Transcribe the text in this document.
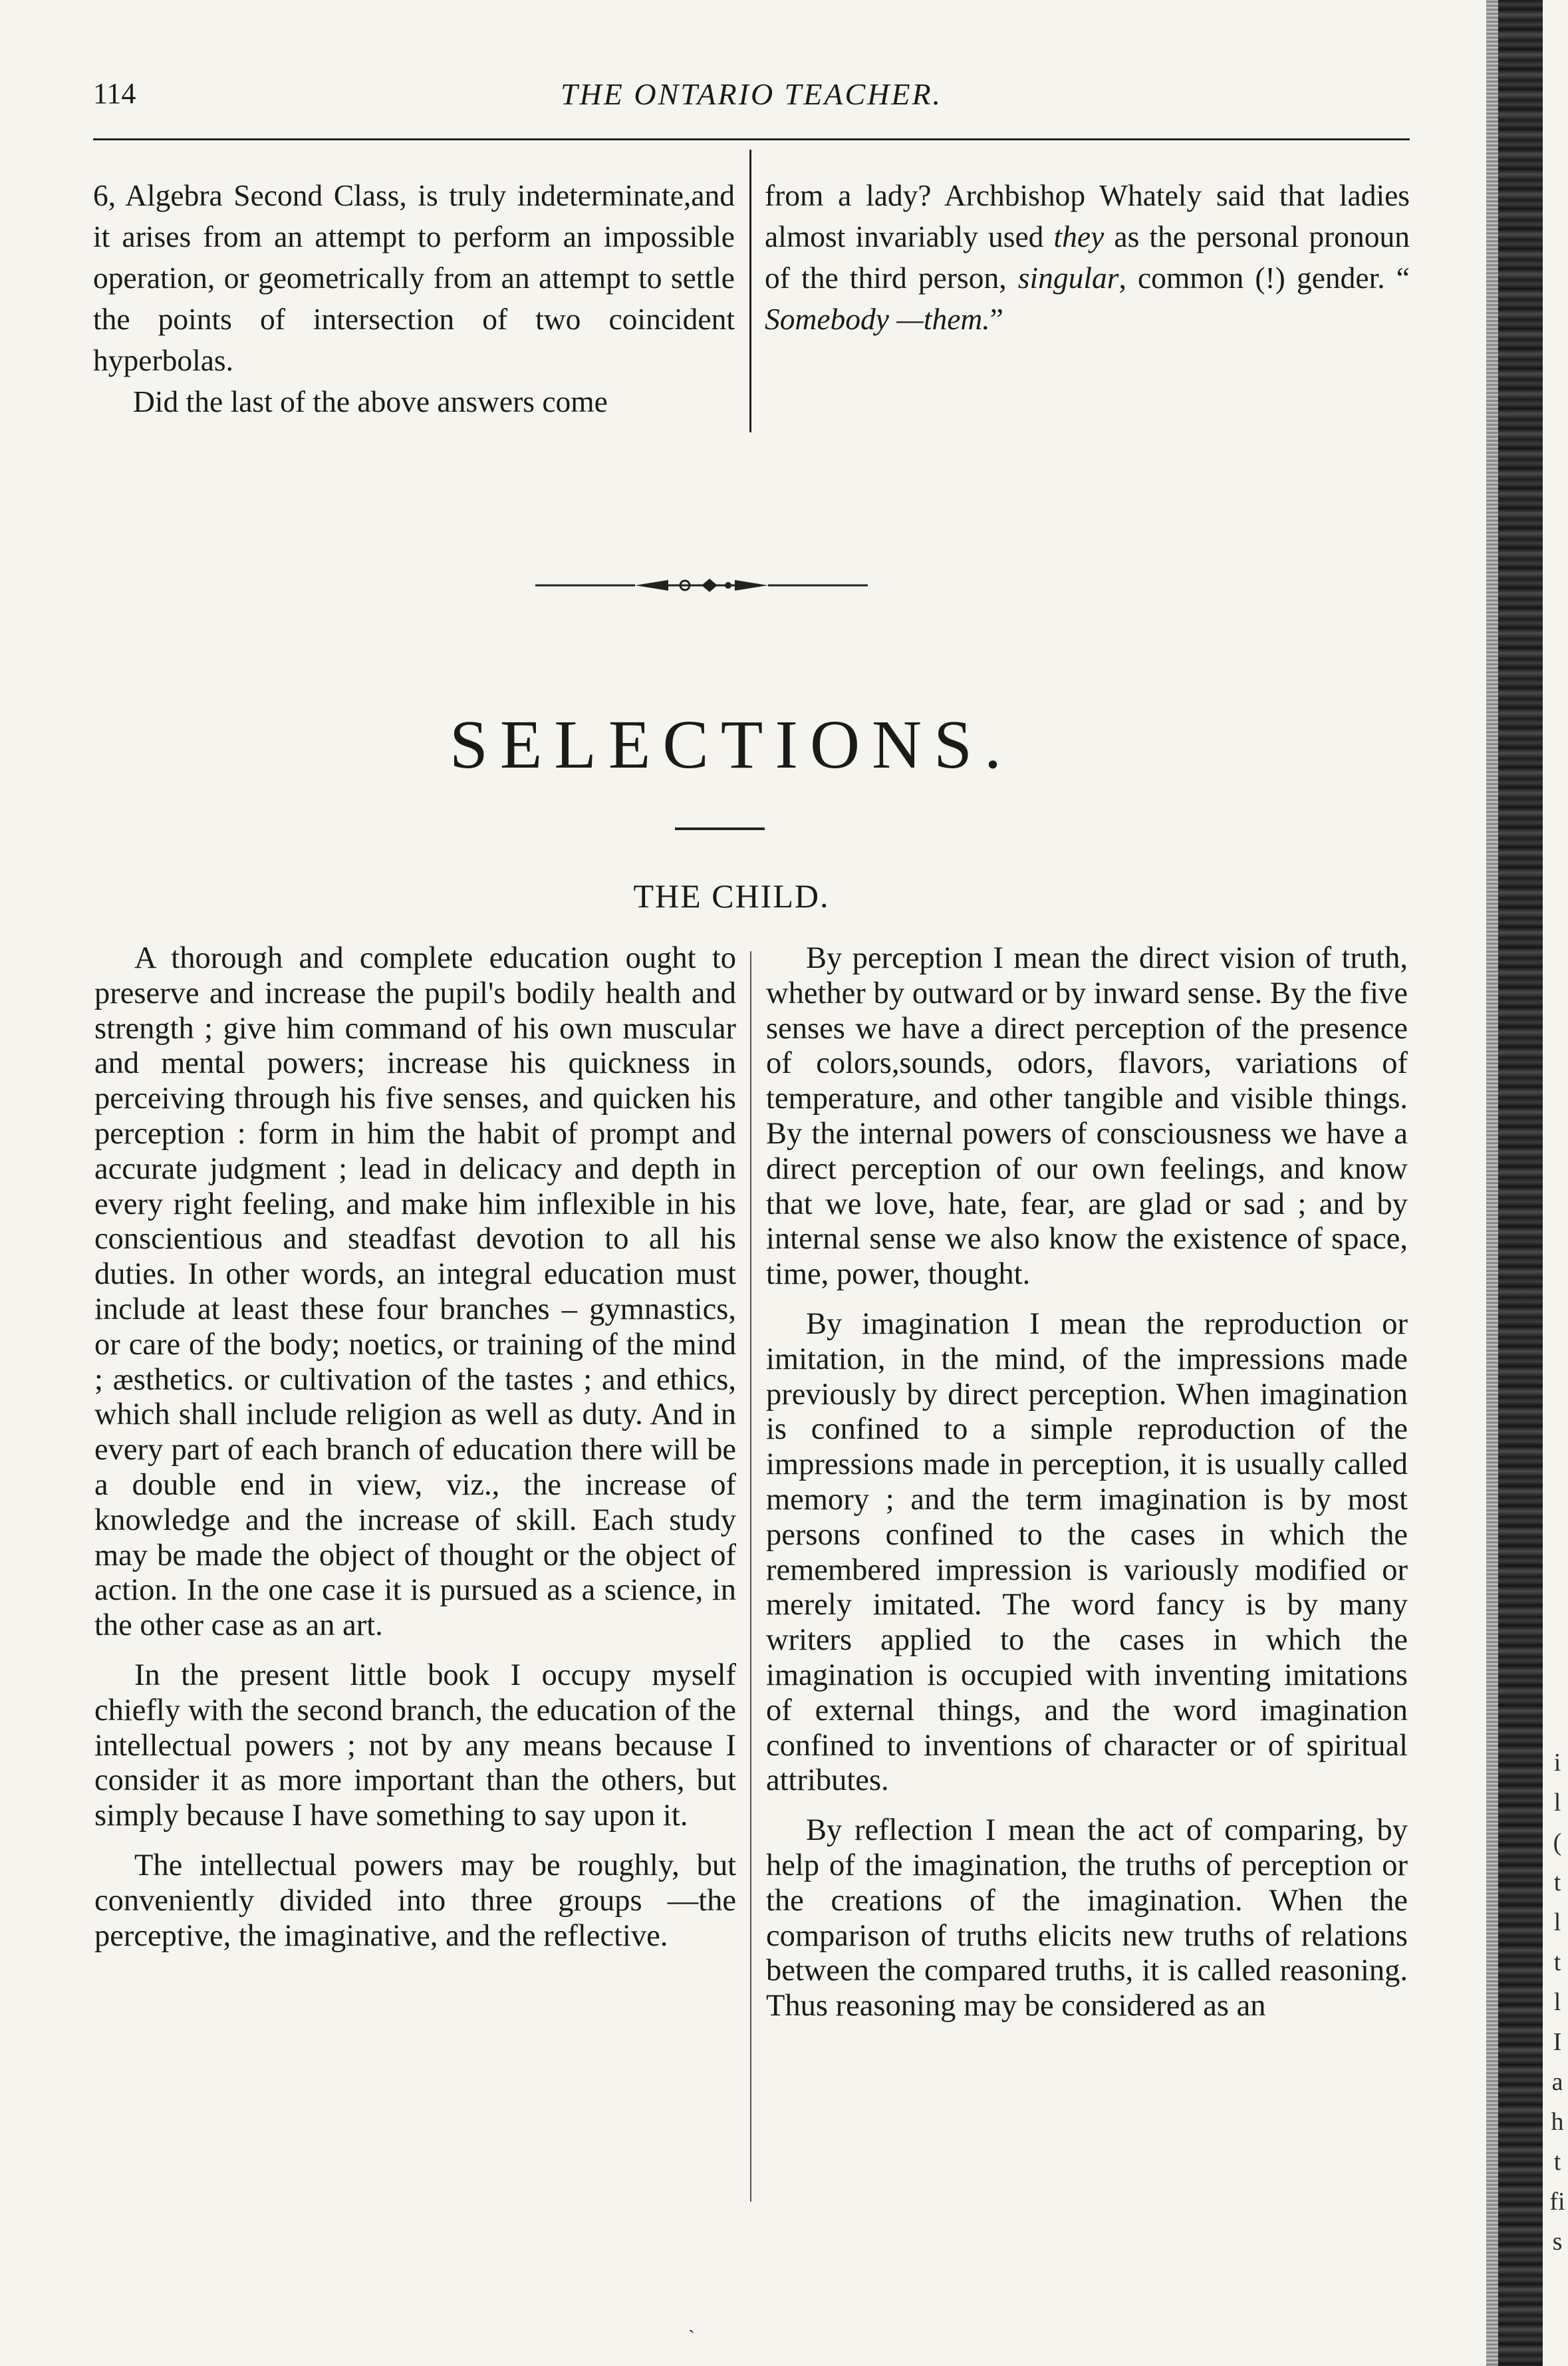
i
l
(
t
l
t
l
I
a
h
t
fi
s
114	THE ONTARIO TEACHER.

6, Algebra Second Class, is truly indeterminate,and it arises from an attempt to perform an impossible operation, or geometrically from an attempt to settle the points of intersection of two coincident hyperbolas.

Did the last of the above answers come

from a lady? Archbishop Whately said that ladies almost invariably used they as the personal pronoun of the third person, singular, common (!) gender. “ Somebody —them.”

SELECTIONS.
THE CHILD.

A thorough and complete education ought to preserve and increase the pupil's bodily health and strength ; give him command of his own muscular and mental powers; increase his quickness in perceiving through his five senses, and quicken his perception : form in him the habit of prompt and accurate judgment ; lead in delicacy and depth in every right feeling, and make him inflexible in his conscientious and steadfast devotion to all his duties. In other words, an integral education must include at least these four branches – gymnastics, or care of the body; noetics, or training of the mind ; æsthetics. or cultivation of the tastes ; and ethics, which shall include religion as well as duty. And in every part of each branch of education there will be a double end in view, viz., the increase of knowledge and the increase of skill. Each study may be made the object of thought or the object of action. In the one case it is pursued as a science, in the other case as an art.

In the present little book I occupy myself chiefly with the second branch, the education of the intellectual powers ; not by any means because I consider it as more important than the others, but simply because I have something to say upon it.

The intellectual powers may be roughly, but conveniently divided into three groups —the perceptive, the imaginative, and the reflective.

By perception I mean the direct vision of truth, whether by outward or by inward sense. By the five senses we have a direct perception of the presence of colors,sounds, odors, flavors, variations of temperature, and other tangible and visible things. By the internal powers of consciousness we have a direct perception of our own feelings, and know that we love, hate, fear, are glad or sad ; and by internal sense we also know the existence of space, time, power, thought.

By imagination I mean the reproduction or imitation, in the mind, of the impressions made previously by direct perception. When imagination is confined to a simple reproduction of the impressions made in perception, it is usually called memory ; and the term imagination is by most persons confined to the cases in which the remembered impression is variously modified or merely imitated. The word fancy is by many writers applied to the cases in which the imagination is occupied with inventing imitations of external things, and the word imagination confined to inventions of character or of spiritual attributes.

By reflection I mean the act of comparing, by help of the imagination, the truths of perception or the creations of the imagination. When the comparison of truths elicits new truths of relations between the compared truths, it is called reasoning. Thus reasoning may be considered as an

ˎ
